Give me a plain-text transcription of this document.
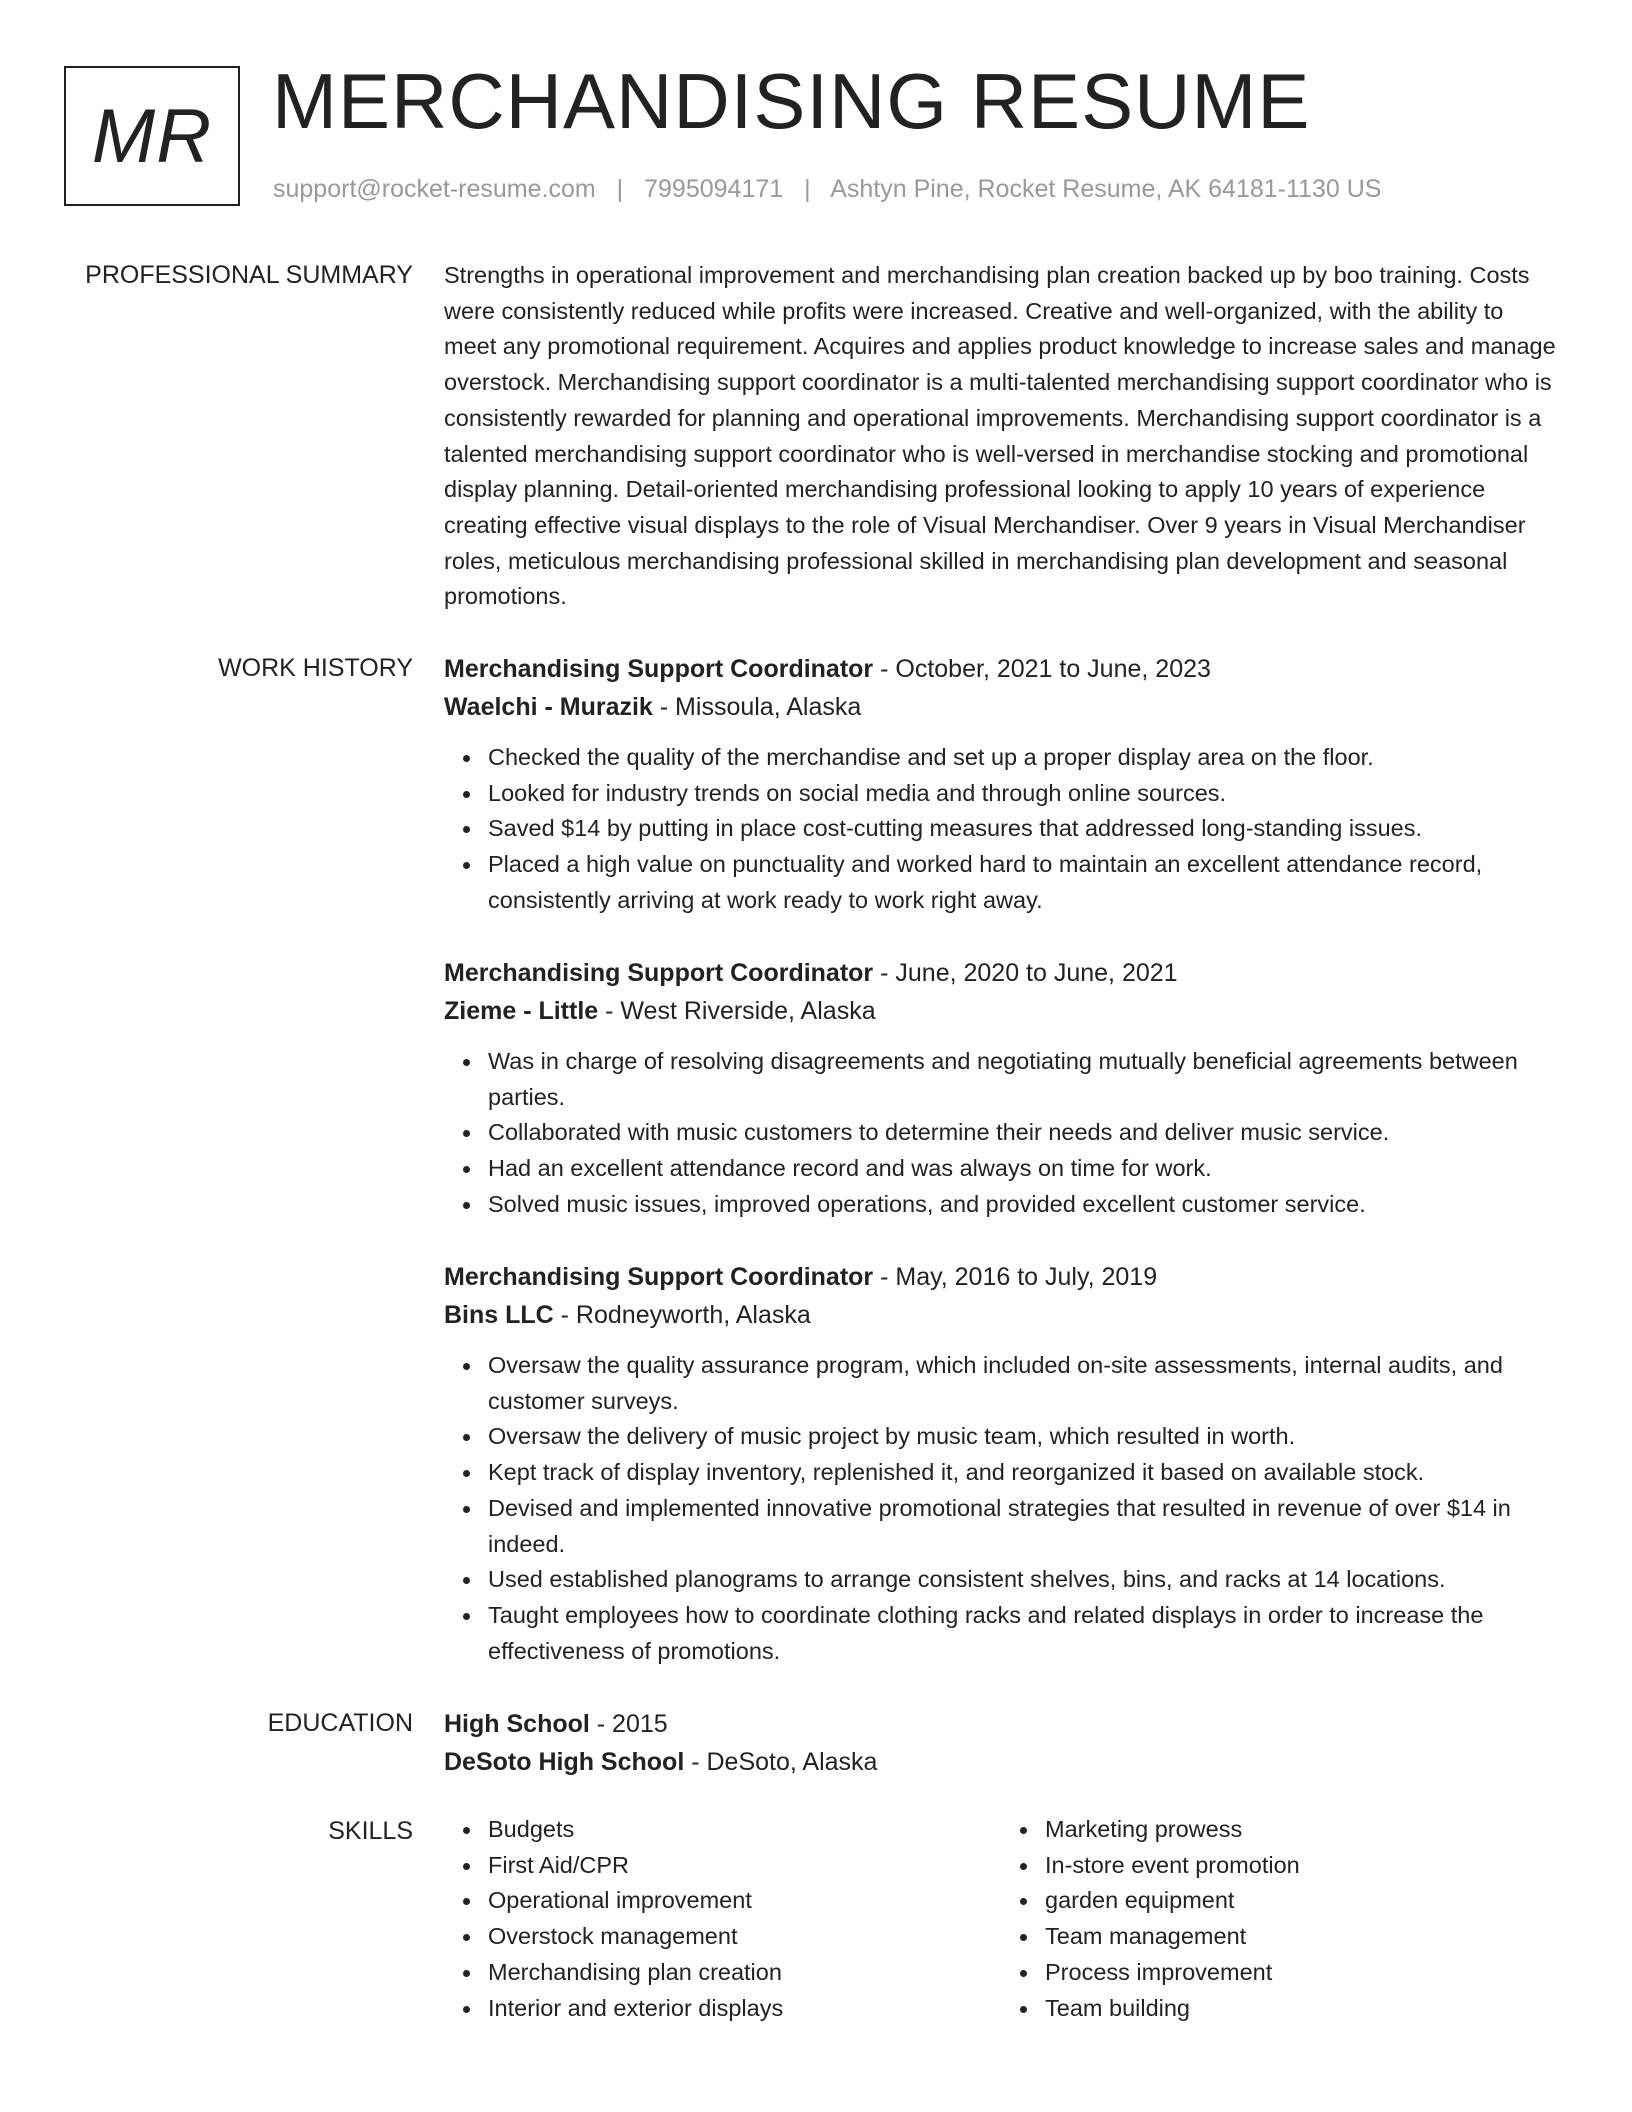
MR MERCHANDISING RESUME
support@rocket-resume.com | 7995094171 | Ashtyn Pine, Rocket Resume, AK 64181-1130 US
PROFESSIONAL SUMMARY Strengths in operational improvement and merchandising plan creation backed up by boo training. Costs were consistently reduced while profits were increased. Creative and well-organized, with the ability to meet any promotional requirement. Acquires and applies product knowledge to increase sales and manage overstock. Merchandising support coordinator is a multi-talented merchandising support coordinator who is consistently rewarded for planning and operational improvements. Merchandising support coordinator is a talented merchandising support coordinator who is well-versed in merchandise stocking and promotional display planning. Detail-oriented merchandising professional looking to apply 10 years of experience creating effective visual displays to the role of Visual Merchandiser. Over 9 years in Visual Merchandiser roles, meticulous merchandising professional skilled in merchandising plan development and seasonal promotions.

WORK HISTORY Merchandising Support Coordinator - October, 2021 to June, 2023
Waelchi - Murazik - Missoula, Alaska
Checked the quality of the merchandise and set up a proper display area on the floor.
Looked for industry trends on social media and through online sources.
Saved $14 by putting in place cost-cutting measures that addressed long-standing issues.
Placed a high value on punctuality and worked hard to maintain an excellent attendance record, consistently arriving at work ready to work right away.
Merchandising Support Coordinator - June, 2020 to June, 2021
Zieme - Little - West Riverside, Alaska
Was in charge of resolving disagreements and negotiating mutually beneficial agreements between parties.
Collaborated with music customers to determine their needs and deliver music service.
Had an excellent attendance record and was always on time for work.
Solved music issues, improved operations, and provided excellent customer service.
Merchandising Support Coordinator - May, 2016 to July, 2019
Bins LLC - Rodneyworth, Alaska
Oversaw the quality assurance program, which included on-site assessments, internal audits, and customer surveys.
Oversaw the delivery of music project by music team, which resulted in worth.
Kept track of display inventory, replenished it, and reorganized it based on available stock.
Devised and implemented innovative promotional strategies that resulted in revenue of over $14 in indeed.
Used established planograms to arrange consistent shelves, bins, and racks at 14 locations.
Taught employees how to coordinate clothing racks and related displays in order to increase the effectiveness of promotions.
EDUCATION High School - 2015
DeSoto High School - DeSoto, Alaska
SKILLS	Budgets
First Aid/CPR
Operational improvement
Overstock management
Merchandising plan creation
Interior and exterior displays
Marketing prowess
In-store event promotion
garden equipment
Team management
Process improvement
Team building
